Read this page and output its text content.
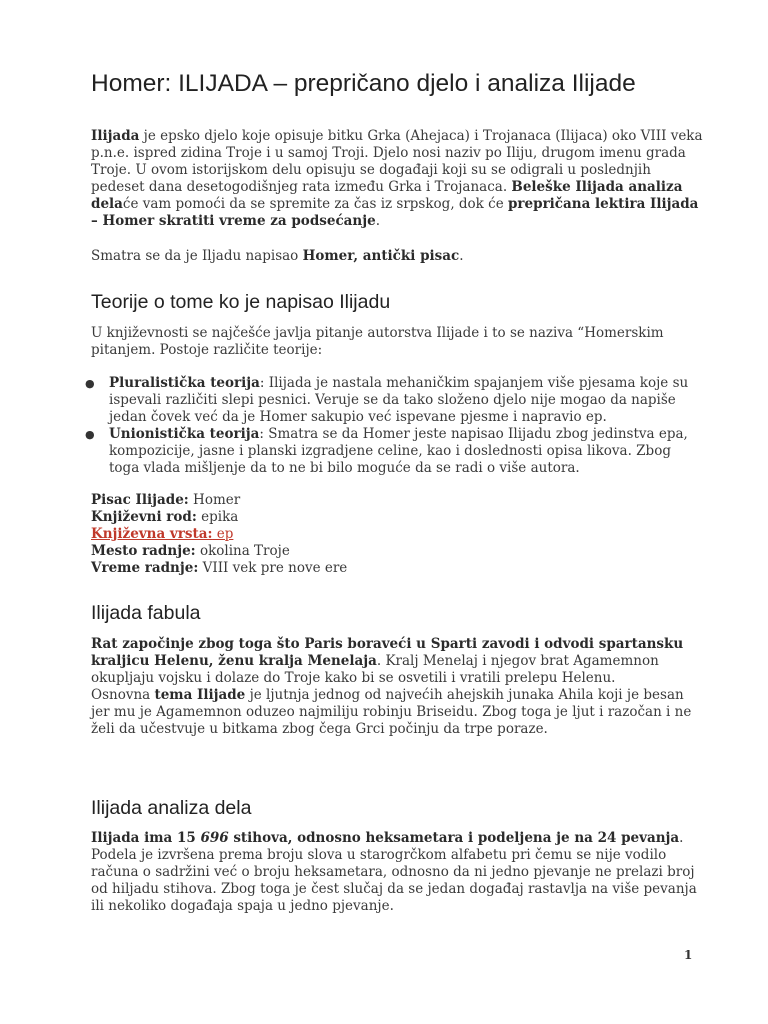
Homer: ILIJADA – prepričano djelo i analiza Ilijade

Ilijada je epsko djelo koje opisuje bitku Grka (Ahejaca) i Trojanaca (Ilijaca) oko VIII veka p.n.e. ispred zidina Troje i u samoj Troji. Djelo nosi naziv po Iliju, drugom imenu grada Troje. U ovom istorijskom delu opisuju se događaji koji su se odigrali u poslednjih pedeset dana desetogodišnjeg rata između Grka i Trojanaca. Beleške Ilijada analiza delaće vam pomoći da se spremite za čas iz srpskog, dok će prepričana lektira Ilijada – Homer skratiti vreme za podsećanje.

Smatra se da je Iljadu napisao Homer, antički pisac.

Teorije o tome ko je napisao Ilijadu

U književnosti se najčešće javlja pitanje autorstva Ilijade i to se naziva “Homerskim pitanjem. Postoje različite teorije:

● Pluralistička teorija: Ilijada je nastala mehaničkim spajanjem više pjesama koje su ispevali različiti slepi pesnici. Veruje se da tako složeno djelo nije mogao da napiše jedan čovek već da je Homer sakupio već ispevane pjesme i napravio ep.
● Unionistička teorija: Smatra se da Homer jeste napisao Ilijadu zbog jedinstva epa, kompozicije, jasne i planski izgradjene celine, kao i doslednosti opisa likova. Zbog toga vlada mišljenje da to ne bi bilo moguće da se radi o više autora.
Pisac Ilijade: Homer
Književni rod: epika
Književna vrsta: ep
Mesto radnje: okolina Troje
Vreme radnje: VIII vek pre nove ere
Ilijada fabula

Rat započinje zbog toga što Paris boraveći u Sparti zavodi i odvodi spartansku kraljicu Helenu, ženu kralja Menelaja. Kralj Menelaj i njegov brat Agamemnon okupljaju vojsku i dolaze do Troje kako bi se osvetili i vratili prelepu Helenu.

Osnovna tema Ilijade je ljutnja jednog od najvećih ahejskih junaka Ahila koji je besan jer mu je Agamemnon oduzeo najmiliju robinju Briseidu. Zbog toga je ljut i razočan i ne želi da učestvuje u bitkama zbog čega Grci počinju da trpe poraze.

Ilijada analiza dela

Ilijada ima 15 696 stihova, odnosno heksametara i podeljena je na 24 pevanja. Podela je izvršena prema broju slova u starogrčkom alfabetu pri čemu se nije vodilo računa o sadržini već o broju heksametara, odnosno da ni jedno pjevanje ne prelazi broj od hiljadu stihova. Zbog toga je čest slučaj da se jedan događaj rastavlja na više pevanja ili nekoliko događaja spaja u jedno pjevanje.

1
